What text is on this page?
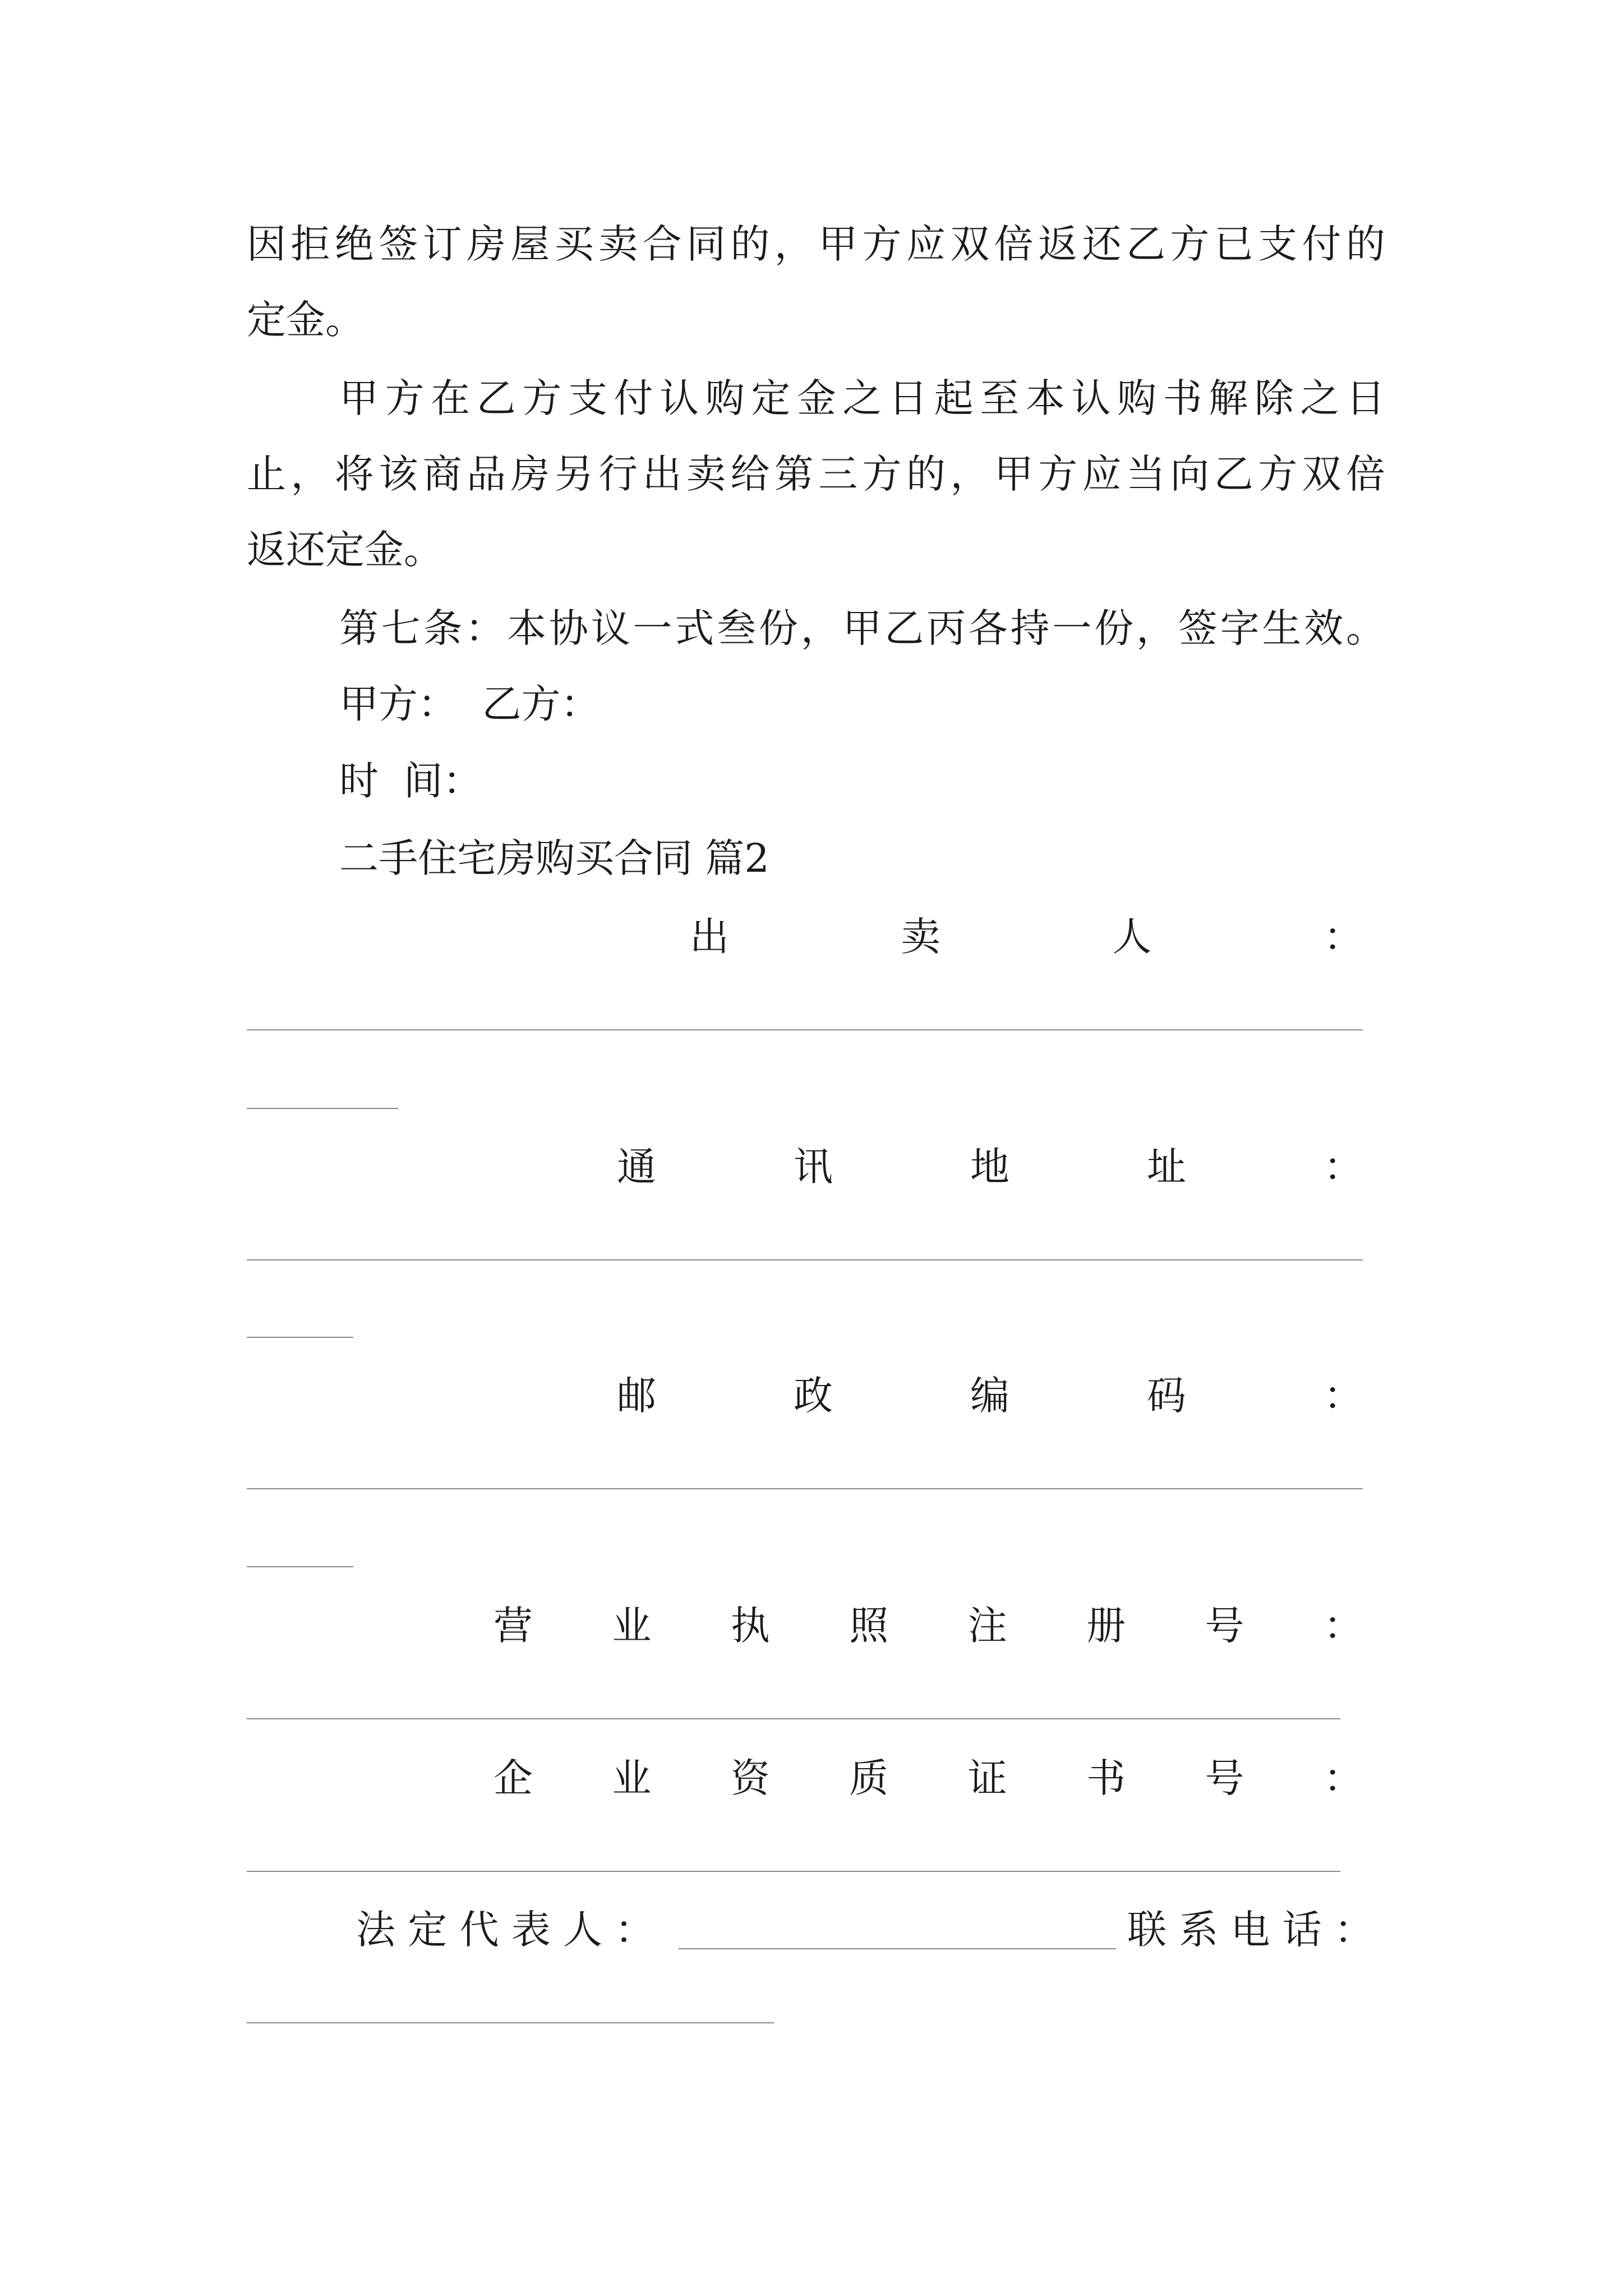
因拒绝签订房屋买卖合同的，甲方应双倍返还乙方已支付的
定金。
甲方在乙方支付认购定金之日起至本认购书解除之日
止，将该商品房另行出卖给第三方的，甲方应当向乙方双倍
返还定金。
第七条：本协议一式叁份，甲乙丙各持一份，签字生效。
甲方：  乙方：
时  间：
二手住宅房购买合同 篇2
出	卖	人	：
通	讯	地	址	：
邮	政	编	码	：
营 业 执 照 注 册 号 ：
企 业 资 质 证 书 号 ：
法 定 代 表 人 ：	联 系 电 话 ：
